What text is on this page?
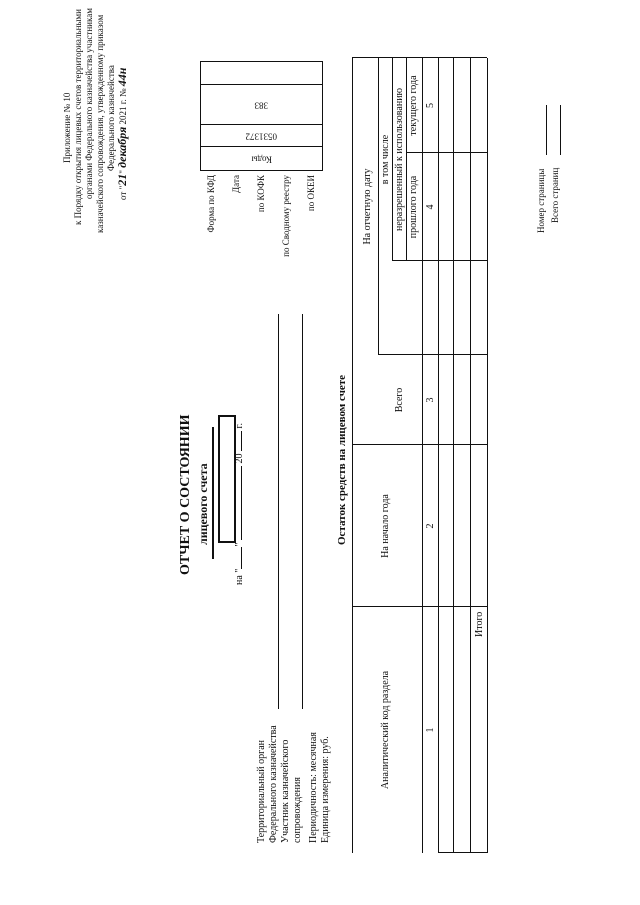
Приложение № 10 к Порядку открытия лицевых счетов территориальными органами Федерального казначейства участникам казначейского сопровождения, утвержденному приказом Федерального казначейства
от "21" декабря 2021 г. № 44н
ОТЧЕТ О СОСТОЯНИИ лицевого счета
на ""  20  г.
Территориальный орган Федерального казначейства Участник казначейского сопровождения Периодичность: месячная Единица измерения: руб.
Форма по КФД Дата по КОФК по Сводному реестру по ОКЕИ
Коды
0531372
383
Остаток средств на лицевом счете
Итого
Аналитический код раздела
На начало года
На отчетную дату
Всего
в том числе неразрешенный к использованию прошлого года
текущего года
1
2
3
4
5
Номер страницы Всего страниц
